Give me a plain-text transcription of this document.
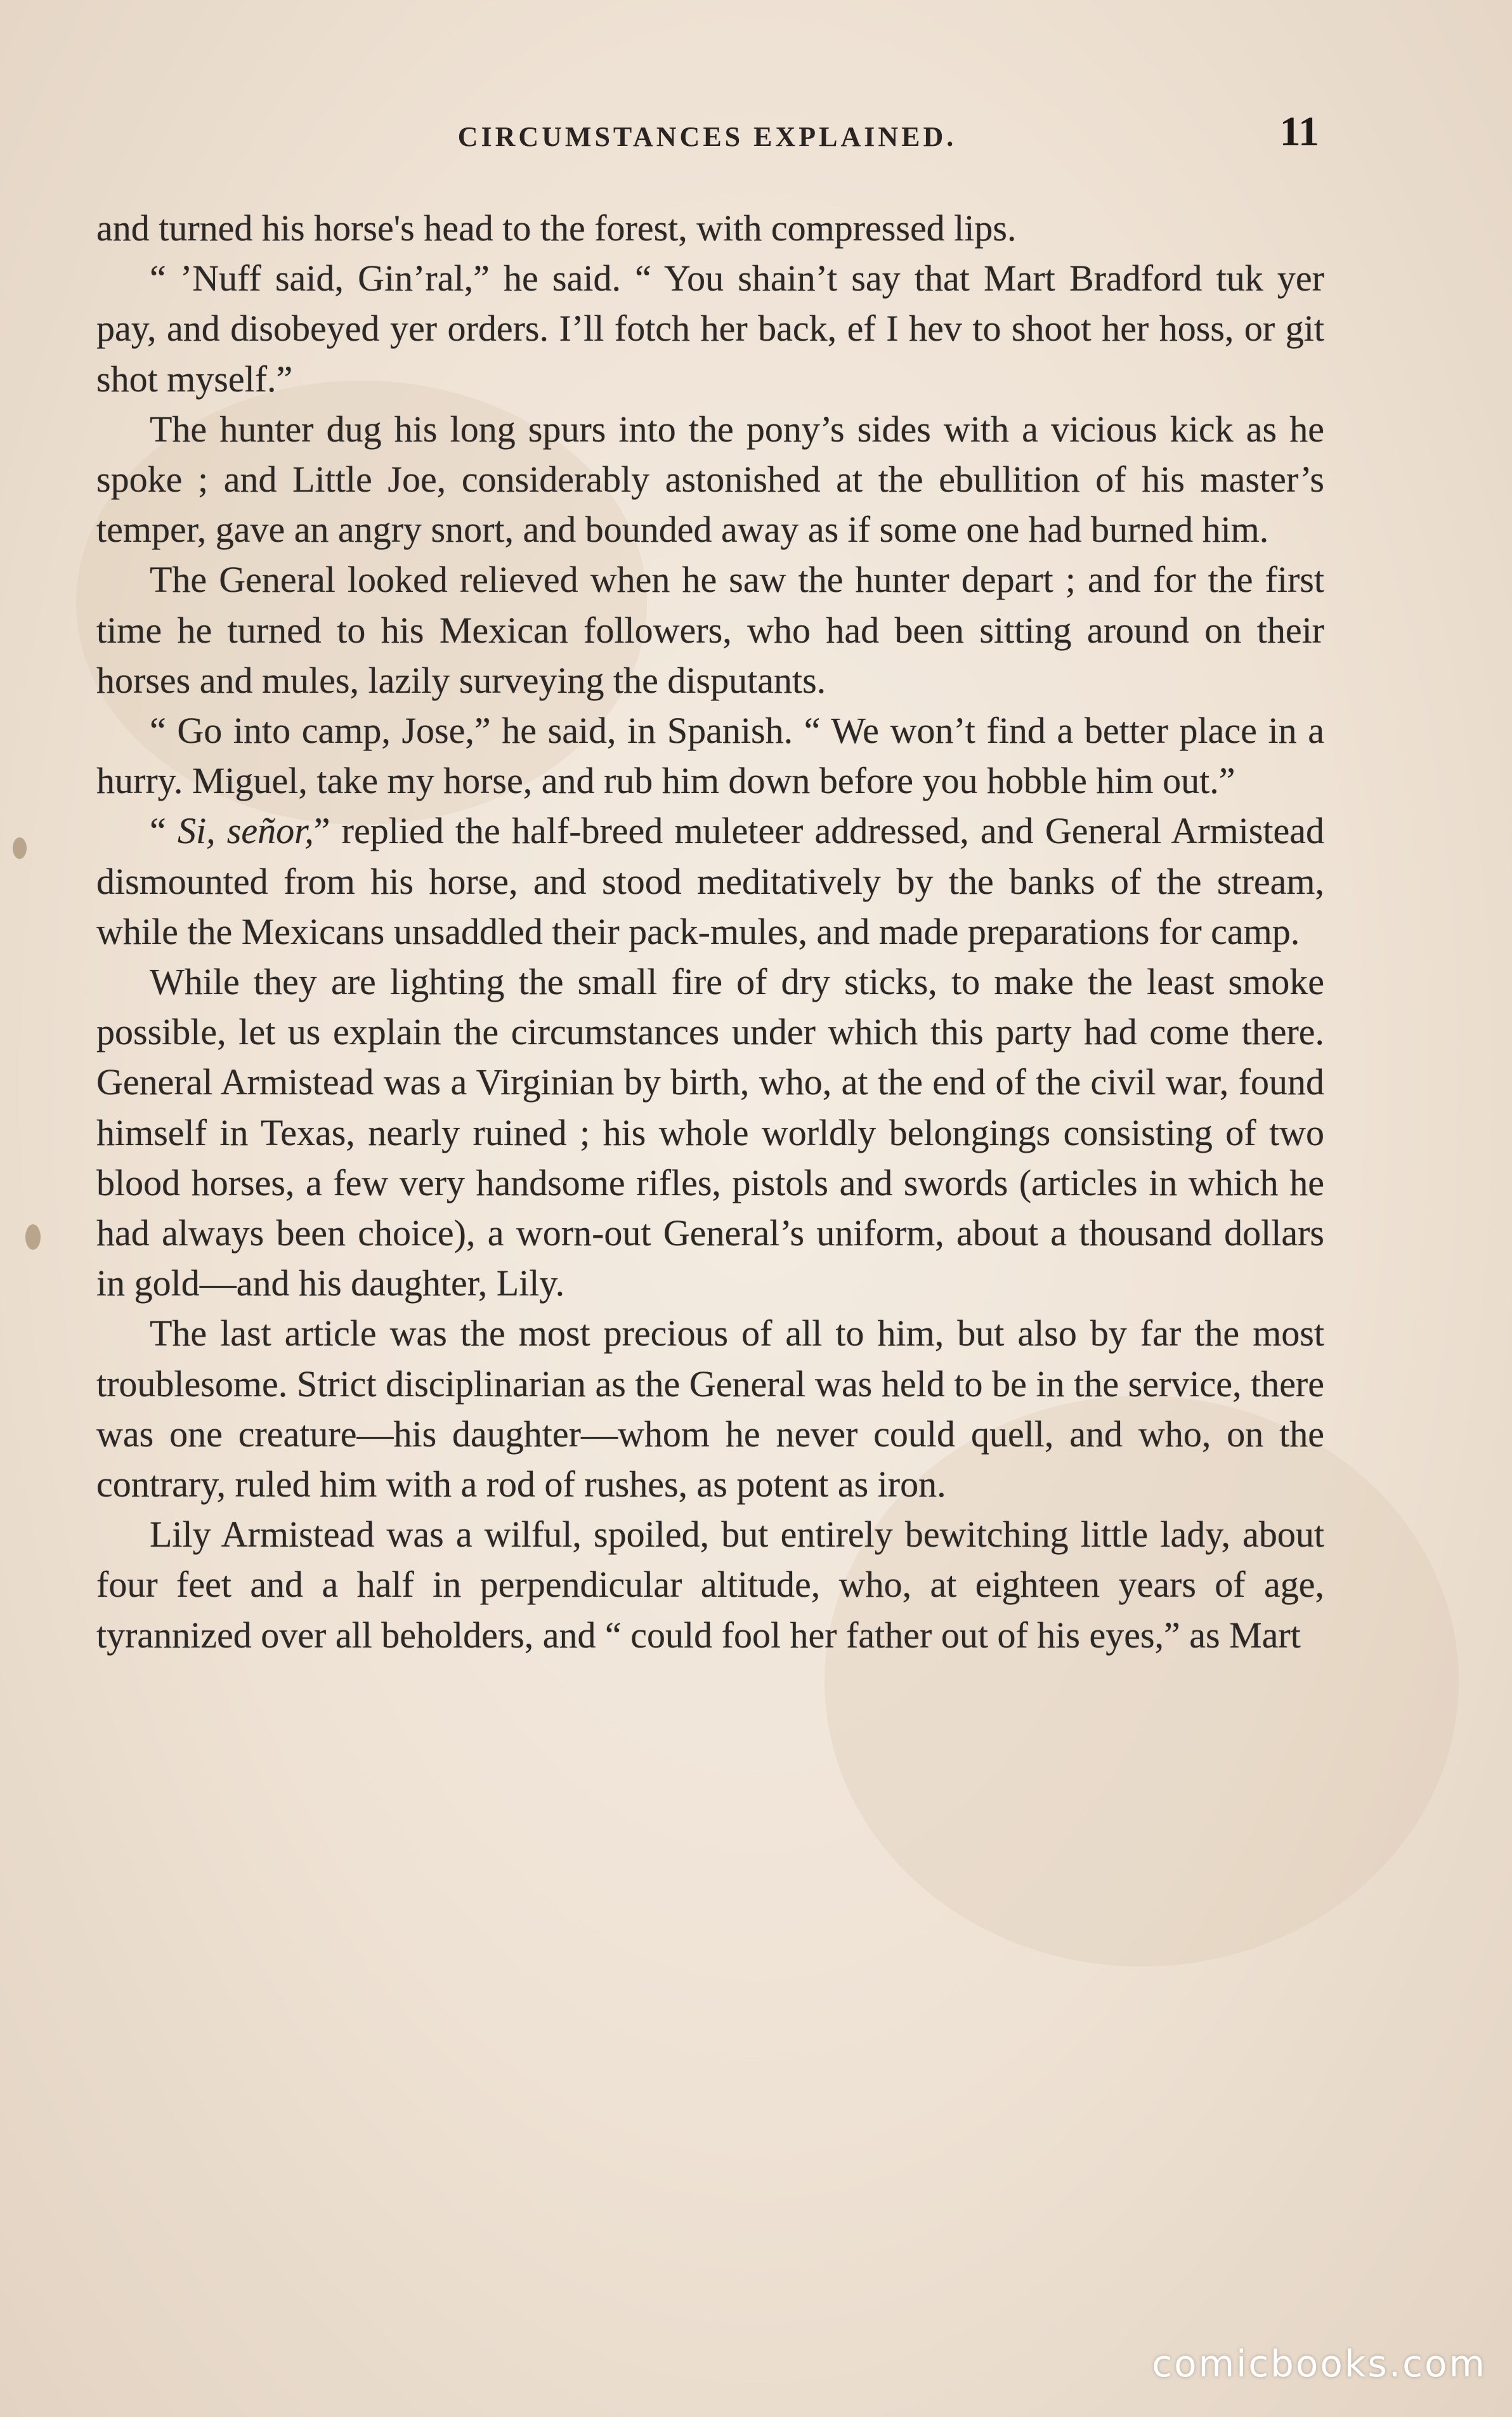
CIRCUMSTANCES EXPLAINED.	11

and turned his horse's head to the forest, with compressed lips.

“ ’Nuff said, Gin’ral,” he said. “ You shain’t say that Mart Bradford tuk yer pay, and disobeyed yer orders. I’ll fotch her back, ef I hev to shoot her hoss, or git shot myself.”

The hunter dug his long spurs into the pony’s sides with a vicious kick as he spoke ; and Little Joe, considerably astonished at the ebullition of his master’s temper, gave an angry snort, and bounded away as if some one had burned him.

The General looked relieved when he saw the hunter depart ; and for the first time he turned to his Mexican followers, who had been sitting around on their horses and mules, lazily surveying the disputants.

“ Go into camp, Jose,” he said, in Spanish. “ We won’t find a better place in a hurry. Miguel, take my horse, and rub him down before you hobble him out.”

“ Si, señor,” replied the half-breed muleteer addressed, and General Armistead dismounted from his horse, and stood meditatively by the banks of the stream, while the Mexicans unsaddled their pack-mules, and made preparations for camp.

While they are lighting the small fire of dry sticks, to make the least smoke possible, let us explain the circumstances under which this party had come there. General Armistead was a Virginian by birth, who, at the end of the civil war, found himself in Texas, nearly ruined ; his whole worldly belongings consisting of two blood horses, a few very handsome rifles, pistols and swords (articles in which he had always been choice), a worn-out General’s uniform, about a thousand dollars in gold—and his daughter, Lily.

The last article was the most precious of all to him, but also by far the most troublesome. Strict disciplinarian as the General was held to be in the service, there was one creature—his daughter—whom he never could quell, and who, on the contrary, ruled him with a rod of rushes, as potent as iron.

Lily Armistead was a wilful, spoiled, but entirely bewitching little lady, about four feet and a half in perpendicular altitude, who, at eighteen years of age, tyrannized over all beholders, and “ could fool her father out of his eyes,” as Mart

comicbooks.com
